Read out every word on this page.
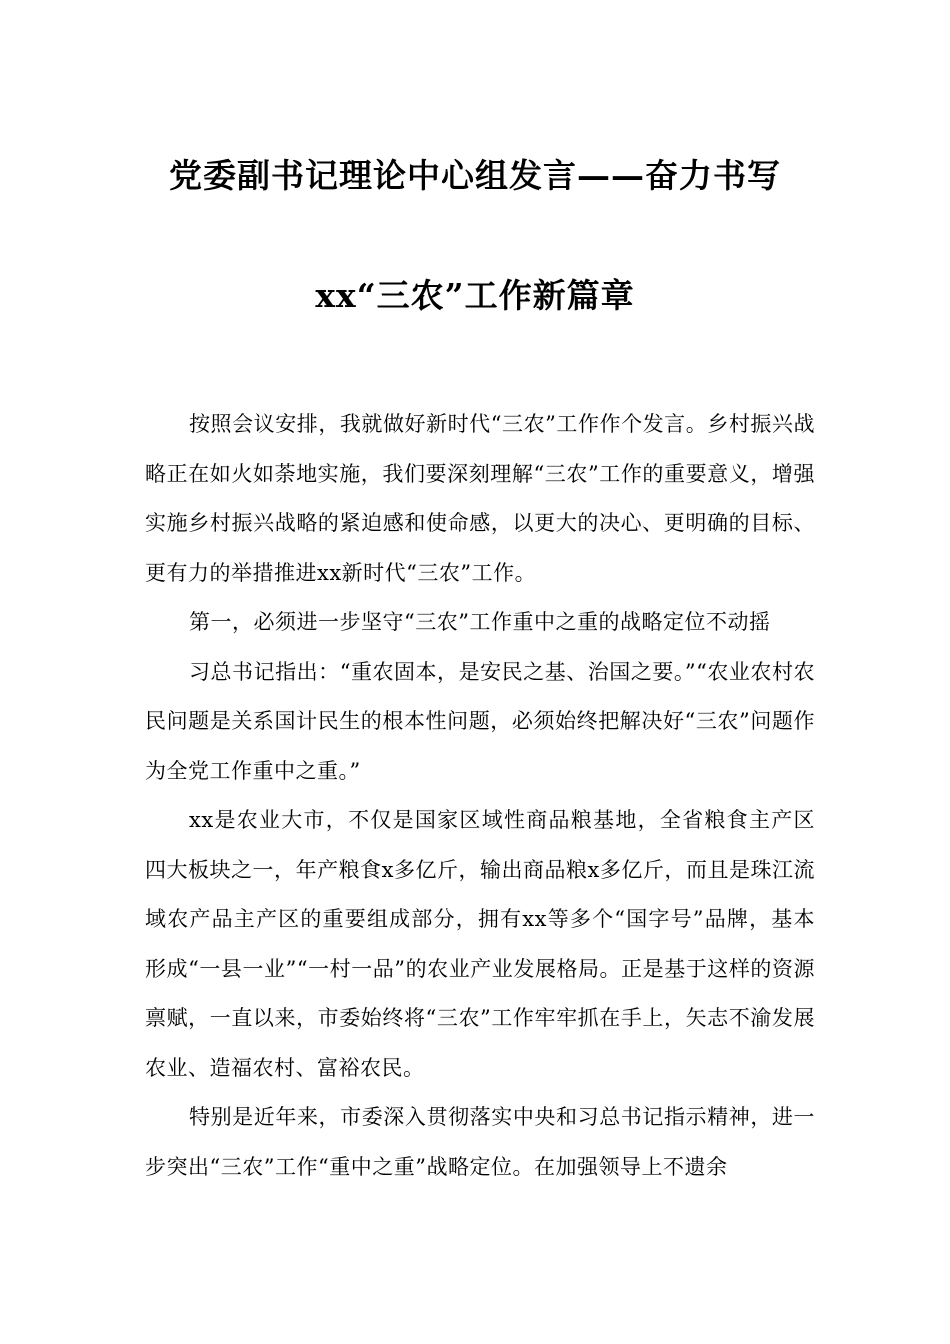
党委副书记理论中心组发言——奋力书写
xx“三农”工作新篇章

按照会议安排，我就做好新时代“三农”工作作个发言。乡村振兴战略正在如火如荼地实施，我们要深刻理解“三农”工作的重要意义，增强实施乡村振兴战略的紧迫感和使命感，以更大的决心、更明确的目标、更有力的举措推进xx新时代“三农”工作。

第一，必须进一步坚守“三农”工作重中之重的战略定位不动摇

习总书记指出：“重农固本，是安民之基、治国之要。”“农业农村农民问题是关系国计民生的根本性问题，必须始终把解决好“三农”问题作为全党工作重中之重。”

xx是农业大市，不仅是国家区域性商品粮基地，全省粮食主产区四大板块之一，年产粮食x多亿斤，输出商品粮x多亿斤，而且是珠江流域农产品主产区的重要组成部分，拥有xx等多个“国字号”品牌，基本形成“一县一业”“一村一品”的农业产业发展格局。正是基于这样的资源禀赋，一直以来，市委始终将“三农”工作牢牢抓在手上，矢志不渝发展农业、造福农村、富裕农民。

特别是近年来，市委深入贯彻落实中央和习总书记指示精神，进一步突出“三农”工作“重中之重”战略定位。在加强领导上不遗余
